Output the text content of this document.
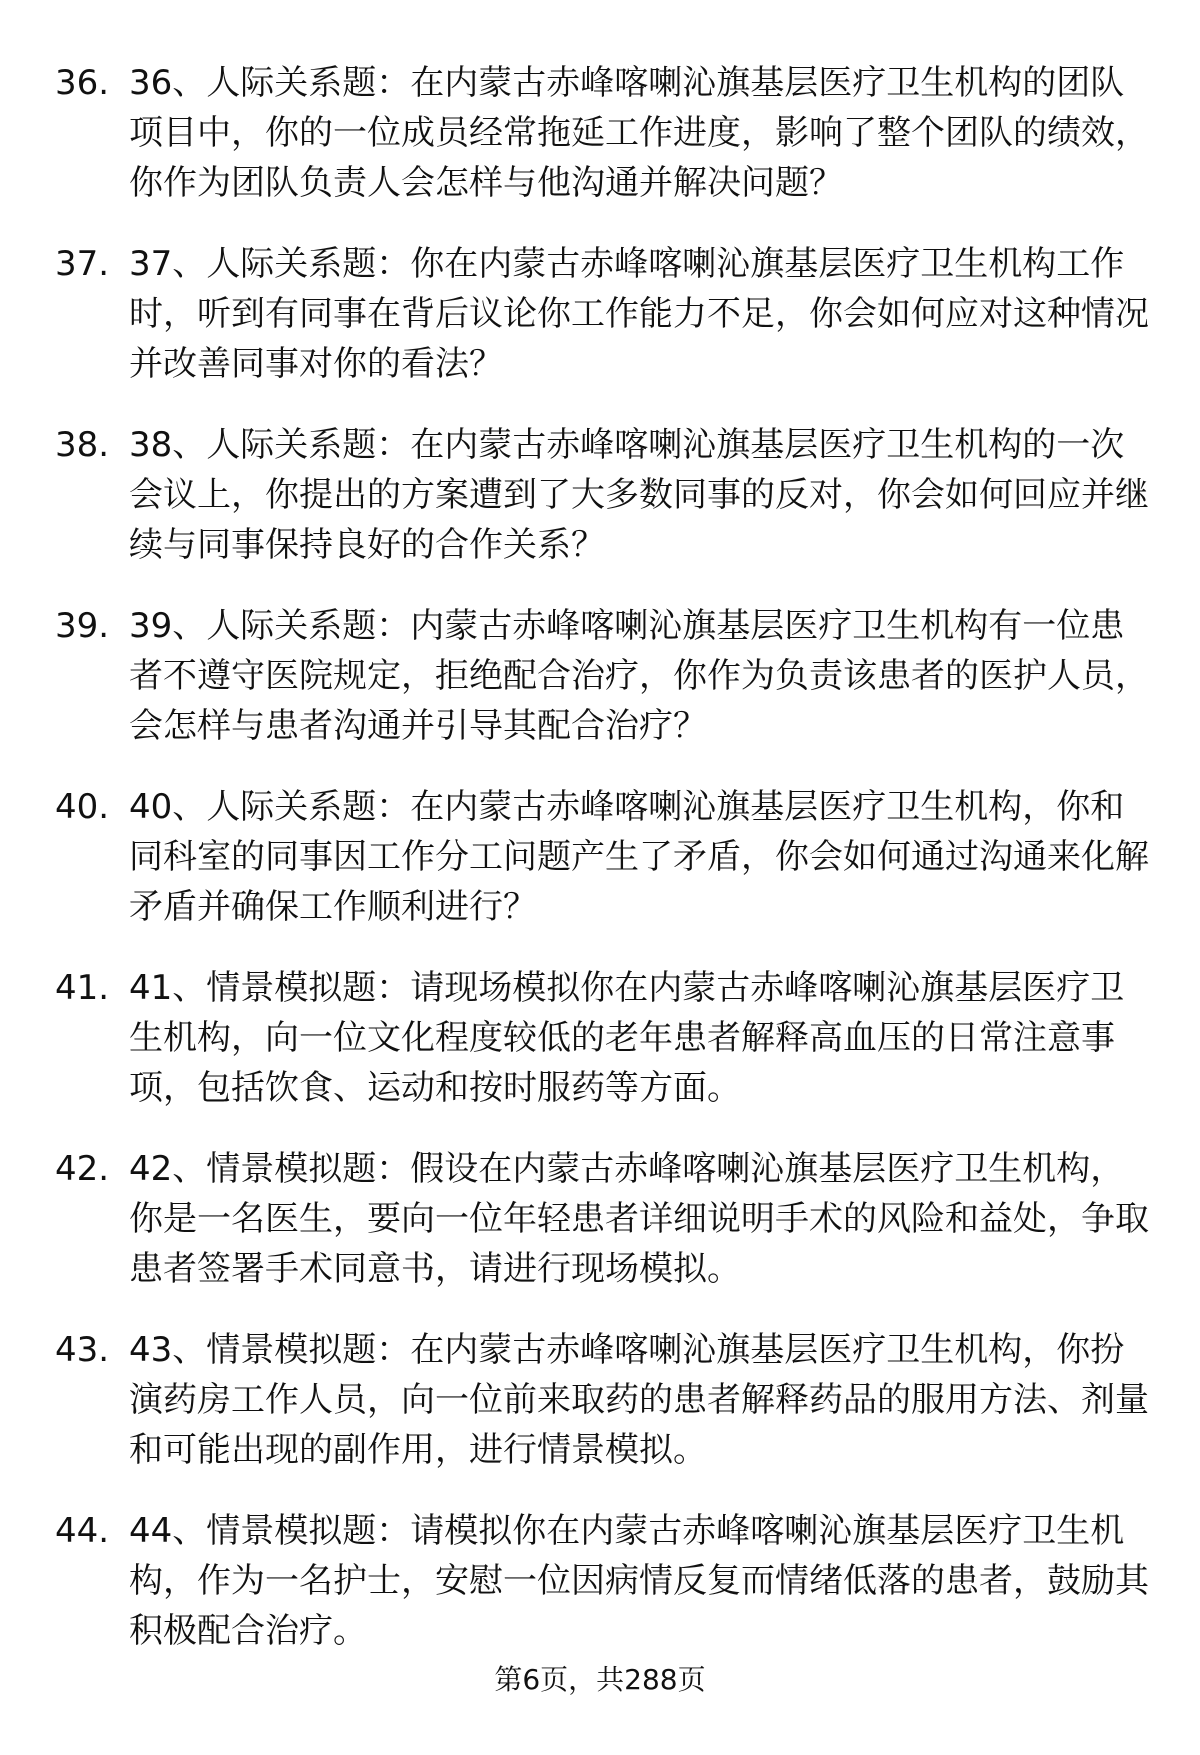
36. 36、人际关系题：在内蒙古赤峰喀喇沁旗基层医疗卫生机构的团队项目中，你的一位成员经常拖延工作进度，影响了整个团队的绩效，你作为团队负责人会怎样与他沟通并解决问题？
37. 37、人际关系题：你在内蒙古赤峰喀喇沁旗基层医疗卫生机构工作时，听到有同事在背后议论你工作能力不足，你会如何应对这种情况并改善同事对你的看法？
38. 38、人际关系题：在内蒙古赤峰喀喇沁旗基层医疗卫生机构的一次会议上，你提出的方案遭到了大多数同事的反对，你会如何回应并继续与同事保持良好的合作关系？
39. 39、人际关系题：内蒙古赤峰喀喇沁旗基层医疗卫生机构有一位患者不遵守医院规定，拒绝配合治疗，你作为负责该患者的医护人员，会怎样与患者沟通并引导其配合治疗？
40. 40、人际关系题：在内蒙古赤峰喀喇沁旗基层医疗卫生机构，你和同科室的同事因工作分工问题产生了矛盾，你会如何通过沟通来化解矛盾并确保工作顺利进行？
41. 41、情景模拟题：请现场模拟你在内蒙古赤峰喀喇沁旗基层医疗卫生机构，向一位文化程度较低的老年患者解释高血压的日常注意事项，包括饮食、运动和按时服药等方面。
42. 42、情景模拟题：假设在内蒙古赤峰喀喇沁旗基层医疗卫生机构，你是一名医生，要向一位年轻患者详细说明手术的风险和益处，争取患者签署手术同意书，请进行现场模拟。
43. 43、情景模拟题：在内蒙古赤峰喀喇沁旗基层医疗卫生机构，你扮演药房工作人员，向一位前来取药的患者解释药品的服用方法、剂量和可能出现的副作用，进行情景模拟。
44. 44、情景模拟题：请模拟你在内蒙古赤峰喀喇沁旗基层医疗卫生机构，作为一名护士，安慰一位因病情反复而情绪低落的患者，鼓励其积极配合治疗。
第6页，共288页
